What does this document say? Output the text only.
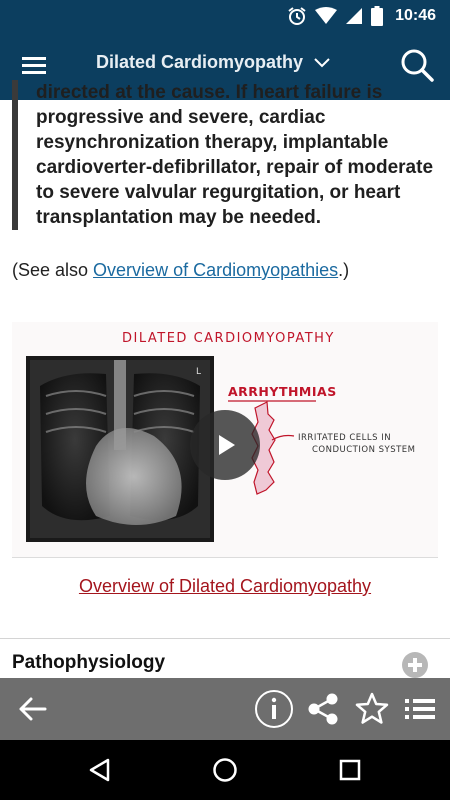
10:46
Dilated Cardiomyopathy

directed at the cause. If heart failure is

progressive and severe, cardiac

resynchronization therapy, implantable

cardioverter-defibrillator, repair of moderate

to severe valvular regurgitation, or heart

transplantation may be needed.

(See also Overview of Cardiomyopathies.)
DILATED CARDIOMYOPATHY
ARRHYTHMIAS
IRRITATED CELLS IN
CONDUCTION SYSTEM
L
Overview of Dilated Cardiomyopathy
Pathophysiology
